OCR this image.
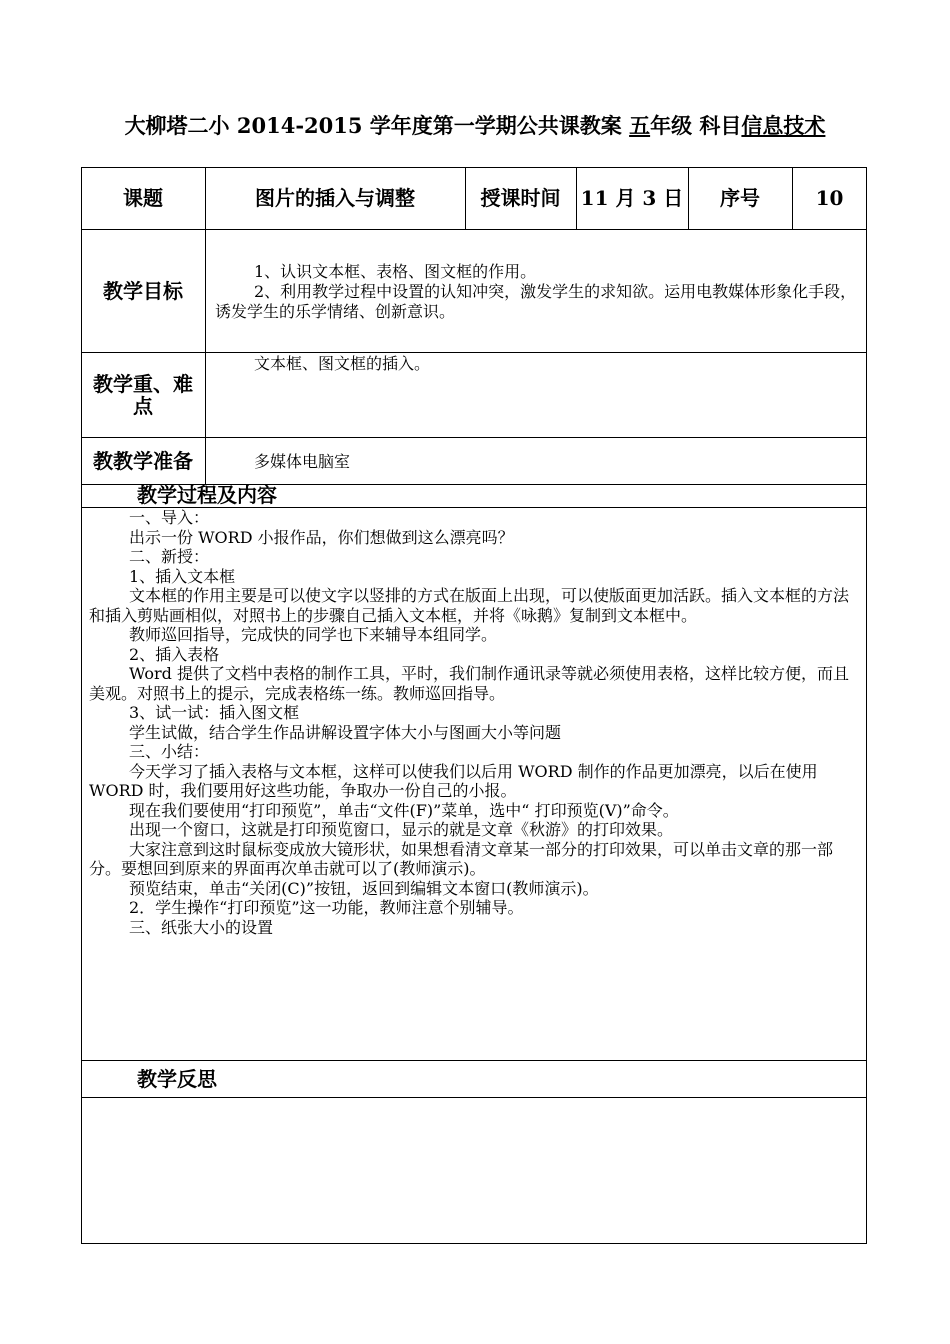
大柳塔二小 2014-2015 学年度第一学期公共课教案 五年级 科目信息技术
课题	图片的插入与调整	授课时间	11 月 3 日	序号	10
教学目标
1、认识文本框、表格、图文框的作用。
2、利用教学过程中设置的认知冲突，激发学生的求知欲。运用电教媒体形象化手段，诱发学生的乐学情绪、创新意识。
教学重、难点
文本框、图文框的插入。
教教学准备	多媒体电脑室
教学过程及内容
一、导入：
出示一份 WORD 小报作品，你们想做到这么漂亮吗？
二、新授：
1、插入文本框
文本框的作用主要是可以使文字以竖排的方式在版面上出现，可以使版面更加活跃。插入文本框的方法和插入剪贴画相似，对照书上的步骤自己插入文本框，并将《咏鹅》复制到文本框中。
教师巡回指导，完成快的同学也下来辅导本组同学。
2、插入表格
Word 提供了文档中表格的制作工具，平时，我们制作通讯录等就必须使用表格，这样比较方便，而且美观。对照书上的提示，完成表格练一练。教师巡回指导。
3、试一试：插入图文框
学生试做，结合学生作品讲解设置字体大小与图画大小等问题
三、小结：
今天学习了插入表格与文本框，这样可以使我们以后用 WORD 制作的作品更加漂亮，以后在使用 WORD 时，我们要用好这些功能，争取办一份自己的小报。
现在我们要使用“打印预览”，单击“文件(F)”菜单，选中“ 打印预览(V)”命令。
出现一个窗口，这就是打印预览窗口，显示的就是文章《秋游》的打印效果。
大家注意到这时鼠标变成放大镜形状，如果想看清文章某一部分的打印效果，可以单击文章的那一部分。要想回到原来的界面再次单击就可以了(教师演示)。
预览结束，单击“关闭(C)”按钮，返回到编辑文本窗口(教师演示)。
2．学生操作“打印预览”这一功能，教师注意个别辅导。
三、纸张大小的设置
教学反思
